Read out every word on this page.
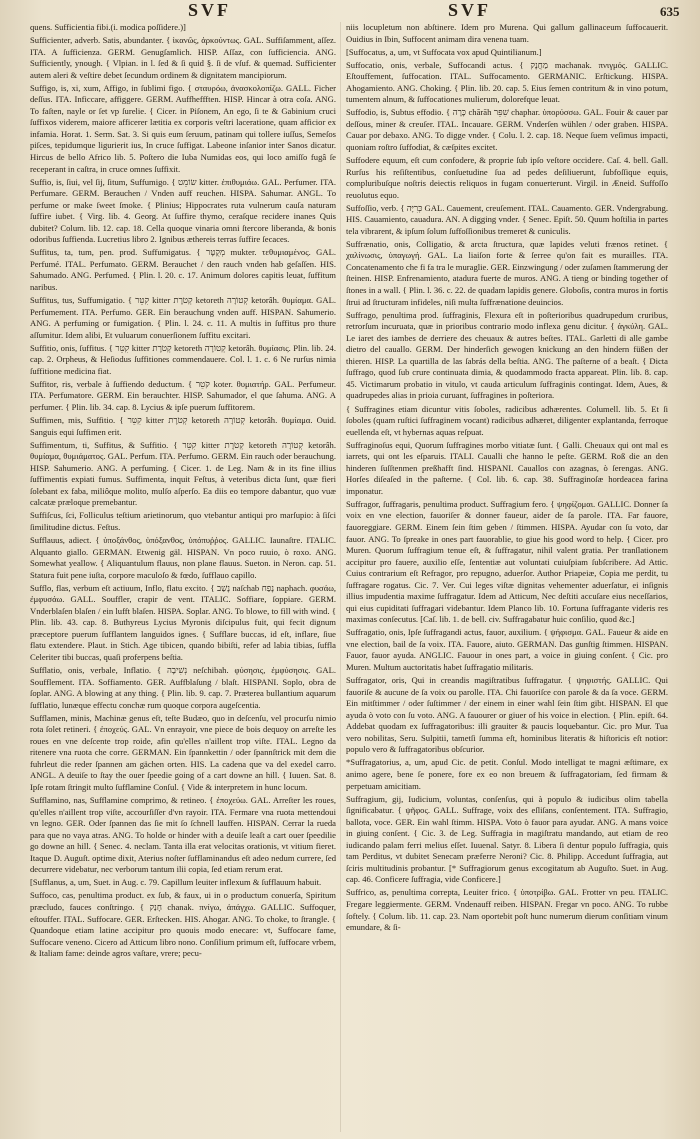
SVF	SVF	635

quens. Sufficientia fibi.(i. modica poſſidere.)]

Sufficienter, adverb. Satis, abundanter. { ἱκανῶς, ἀρκούντως. GAL. Suffiſamment, aſſez. ITA. A ſufficienza. GERM. Genugſamlich. HISP. Aſſaz, con ſufficiencia. ANG. Sufficiently, ynough. { Vlpian. in l. ſed & ſi quid §. ſi de vſuf. & quemad. Sufficienter autem aleri & veſtire debet ſecundum ordinem & dignitatem mancipiorum.

Suffigo, is, xi, xum, Affigo, in ſublimi figo. { σταυρόω, ἀνασκολοπίζω. GALL. Ficher deſſus. ITA. Inficcare, affiggere. GERM. Auffheffften. HISP. Hincar à otra coſa. ANG. To faſten, nayle or ſet vp ſurelie. { Cicer. in Piſonem, An ego, ſi te & Gabinium cruci ſuffixos viderem, maiore afficerer lætitia ex corporis veſtri laceratione, quam afficior ex infamia. Horat. 1. Serm. Sat. 3. Si quis eum ſeruum, patinam qui tollere iuſſus, Semeſos piſces, tepidumque ligurierit ius, In cruce ſuffigat. Labeone inſanior inter Sanos dicatur. Hircus de bello Africo lib. 5. Poſtero die Iuba Numidas eos, qui loco amiſſo fugâ ſe receperant in caſtra, in cruce omnes ſuffixit.

Suffio, is, ſiui, vel ſij, ſitum, Suffumigo. { שׂוֹמֵט kitter. ἐπιθυμιάω. GAL. Perfumer. ITA. Perfumare. GERM. Berauchen / Vnden auff reuchen. HISPA. Sahumar. ANGL. To perfume or make ſweet ſmoke. { Plinius; Hippocrates ruta vulnerum cauſa naturam ſuffire iubet. { Virg. lib. 4. Georg. At ſuffire thymo, ceraſque recidere inanes Quis dubitet? Colum. lib. 12. cap. 18. Cella quoque vinaria omni ſtercore liberanda, & bonis odoribus ſuffienda. Lucretius libro 2. Ignibus æthereis terras ſuffire ſecaces.

Suffitus, ta, tum, pen. prod. Suffumigatus. { מְקֻטָּר mukter. τεθυμιαμένος. GAL. Perfumé. ITAL. Perfumato. GERM. Berauchet / den rauch vnden hab geſaſſen. HIS. Sahumado. ANG. Perfumed. { Plin. l. 20. c. 17. Animum dolores capitis leuat, ſuffitum naribus.

Suffitus, tus, Suffumigatio. { קִטֵּר kitter קְטֹרֶת ketoreth קְטוֹרָה ketorâh. θυμίαμα. GAL. Perfumement. ITA. Perfumo. GER. Ein berauchung vnden auff. HISPAN. Sahumerio. ANG. A perfuming or fumigation. { Plin. l. 24. c. 11. A multis in ſuffitus pro thure aſſumitur. Idem alibi, Et vuluarum conuerſionem ſuffitu excitari.

Suffitio, onis, ſuffitus. { קִטֵּר kitter קְטֹרֶת ketoreth קְטוֹרָה ketorâh. θυμίασις. Plin. lib. 24. cap. 2. Orpheus, & Heſiodus ſuffitiones commendauere. Col. l. 1. c. 6 Ne rurſus nimia ſuffitione medicina fiat.

Suffitor, ris, verbale à ſuffiendo deductum. { קֹטֵר koter. θυμιατήρ. GAL. Perfumeur. ITA. Perfumatore. GERM. Ein berauchter. HISP. Sahumador, el que ſahuma. ANG. A perfumer. { Plin. lib. 34. cap. 8. Lycius & ipſe puerum ſuffitorem.

Suffimen, mis, Suffitio. { קִטֵּר kitter קְטֹרֶת ketoreth קְטוֹרָה ketorâh. θυμίαμα. Ouid. Sanguis equi ſuffimen erit.

Suffimentum, ti, Suffitus, & Suffitio. { קִטֵּר kitter קְטֹרֶת ketoreth קְטוֹרָה ketorâh. θυμίαμα, θυμιάματος. GAL. Perfum. ITA. Perfumo. GERM. Ein rauch oder berauchung. HISP. Sahumerio. ANG. A perfuming. { Cicer. 1. de Leg. Nam & in its fine illius ſuffimentis expiati fumus. Suffimenta, inquit Feſtus, à veteribus dicta ſunt, quæ fieri ſolebant ex faba, miliôque molito, mulſo aſperſo. Ea diis eo tempore dabantur, quo vuæ calcatæ præloque premebantur.

Suffiſcus, ſci, Folliculus teſtium arietinorum, quo vtebantur antiqui pro marſupio: à ſiſci ſimilitudine dictus. Feſtus.

Sufflauus, adiect. { ὑποξάνθος, ὑπόξανθος, ὑπόπυῤῥος. GALLIC. Iaunaſtre. ITALIC. Alquanto giallo. GERMAN. Etwenig gäl. HISPAN. Vn poco ruuio, ò roxo. ANG. Somewhat yeallow. { Aliquantulum flauus, non plane flauus. Sueton. in Neron. cap. 51. Statura fuit pene iuſta, corpore maculoſo & fœdo, ſufflauo capillo.

Sufflo, flas, verbum eſt actiuum, Inflo, flatu excito. { נָשַׁב naſchab נָפַח naphach. φυσάω, ἐμφυσάω. GALL. Souffler, crapir de vent. ITALIC. Soffiare, ſoppiare. GERM. Vnderblaſen blaſen / ein lufft blaſen. HISPA. Soplar. ANG. To blowe, to fill with wind. { Plin. lib. 43. cap. 8. Buthyreus Lycius Myronis diſcipulus fuit, qui fecit dignum præceptore puerum ſufflantem languidos ignes. { Sufflare buccas, id eſt, inflare, ſiue flatu extendere. Plaut. in Stich. Age tibicen, quando bibiſti, refer ad labia tibias, ſuffla Celeriter tibi buccas, quaſi proferpens beſtia.

Sufflatio, onis, verbale, Inflatio. { נְשִׁיבָה neſchibah. φύσησις, ἐμφύσησις. GAL. Soufflement. ITA. Soffiamento. GER. Auffblaſung / blaſt. HISPANI. Soplo, obra de ſoplar. ANG. A blowing at any thing. { Plin. lib. 9. cap. 7. Præterea bullantium aquarum ſufflatio, lunæque effectu conchæ rum quoque corpora augeſcentia.

Sufflamen, minis, Machinæ genus eſt, teſte Budæo, quo in deſcenſu, vel procurſu nimio rota ſolet retineri. { ἐποχεύς. GAL. Vn enrayoir, vne piece de bois dequoy on arreſte les roues en vne deſcente trop roide, afin qu'elles n'aillent trop viſte. ITAL. Legno da ritenere vna ruota che corre. GERMAN. Ein ſpannkettin / oder ſpannſtrick mit dem die fuhrleut die reder ſpannen am gächen orten. HIS. La cadena que va del exedel carro. ANGL. A deuiſe to ſtay the ouer ſpeedie going of a cart downe an hill. { Iuuen. Sat. 8. Ipſe rotam ſtringit multo ſufflamine Conſul. { Vide & interpretem in hunc locum.

Sufflamino, nas, Sufflamine comprimo, & retineo. { ἐποχεύω. GAL. Arreſter les roues, qu'elles n'aillent trop viſte, accourſiſſer d'vn rayoir. ITA. Fermare vna ruota mettendoui vn legno. GER. Oder ſpannen das ſie mit ſo ſchnell lauffen. HISPAN. Cerrar la rueda para que no vaya atras. ANG. To holde or hinder with a deuiſe leaſt a cart ouer ſpeedilie go downe an hill. { Senec. 4. neclam. Tanta illa erat velocitas orationis, vt vitium fieret. Itaque D. Auguſt. optime dixit, Aterius noſter ſufflaminandus eſt adeo nedum currere, ſed decurrere videbatur, nec verborum tantum ilii copia, ſed etiam rerum erat.

[Sufflanus, a, um, Suet. in Aug. c. 79. Capillum leuiter inflexum & ſufflauum habuit.

Suffoco, cas, penultima product. ex ſub, & faux, ui in o productum conuerſa, Spiritum præcludo, fauces conſtringo. { חָנַק chanak. πνίγω, ἀπάγχω. GALLIC. Suffoquer, eſtouffer. ITAL. Suffocare. GER. Erſtecken. HIS. Ahogar. ANG. To choke, to ſtrangle. { Quandoque etiam latine accipitur pro quouis modo enecare: vt, Suffocare fame, Suffocare veneno. Cicero ad Atticum libro nono. Conſilium primum eſt, ſuffocare vrbem, & Italiam fame: deinde agros vaſtare, vrere; pecu-

niis locupletum non abſtinere. Idem pro Murena. Qui gallum gallinaceum ſuffocauerit. Ouidius in Ibin, Suffocent animam dira venena tuam.

[Suffocatus, a, um, vt Suffocata vox apud Quintilianum.]

Suffocatio, onis, verbale, Suffocandi actus. { מַחֲנָק machanak. πνιγμός. GALLIC. Eſtouffement, ſuffocation. ITAL. Suffocamento. GERMANIC. Erſtickung. HISPA. Ahogamiento. ANG. Choking. { Plin. lib. 20. cap. 5. Eius ſemen contritum & in vino potum, tumentem alnum, & ſuffocationes mulierum, dolorefque leuat.

Suffodio, is, Subtus effodio. { כָּרָה chārāh שִׁפֵּר chaphar. ὑπορύσσω. GAL. Fouir & cauer par deſſous, miner & creuſer. ITAL. Incauare. GERM. Vnderſen wühlen / oder graben. HISPA. Cauar por debaxo. ANG. To digge vnder. { Colu. l. 2. cap. 18. Neque ſuem veſimus impacti, quoniam roſtro ſuffodiat, & cæſpites excitet.

Suffodere equum, eſt cum confodere, & proprie ſub ipſo veſtore occidere. Caſ. 4. bell. Gall. Rurſus his reſiſtentibus, conſuetudine ſua ad pedes deſiliuerunt, ſubfoſſique equis, compluribuſque noſtris deiectis reliquos in fugam conuerterunt. Virgil. in Æneid. Suffoſſo reuolutus equo.

Suffoſſio, verb. { כְּרִיָּה GAL. Cauement, creuſement. ITAL. Cauamento. GER. Vndergrabung. HIS. Cauamiento, cauadura. AN. A digging vnder. { Senec. Epiſt. 50. Quum hoſtilia in partes tela vibrarent, & ipſum ſolum ſuffoſſionibus tremeret & cuniculis.

Suffrænatio, onis, Colligatio, & arcta ſtructura, quæ lapides veluti frænos retinet. { χαλίνωσις, ὑπαγωγή. GAL. La liaiſon forte & ſerree qu'on fait es murailles. ITA. Concatenamento che fi fa tra le muraglie. GER. Einzwingung / oder zuſamen ſtammerung der ſteinen. HISP. Enfrenamiento, atadura fuerte de muros. ANG. A tieng or binding together of ſtones in a wall. { Plin. l. 36. c. 22. de quadam lapidis genere. Globoſis, contra muros in fortis ſtrui ad ſtructuram infideles, niſi multa ſuffrænatione deuincios.

Suffrago, penultima prod. ſuffraginis, Flexura eſt in poſterioribus quadrupedum cruribus, retrorſum incuruata, quæ in prioribus contrario modo inflexa genu dicitur. { ἀγκύλη. GAL. Le iaret des iambes de derriere des cheuaux & autres beſtes. ITAL. Garletti di alle gambe dietro del cauallo. GERM. Der hinderſich gewogen knickung an den hindern füßen der thieren. HISP. La quartilla de las ſabrás della beſtia. ANG. The paſterne of a beaſt. { Dicta ſuffrago, quod ſub crure continuata dimia, & quodammodo fracta appareat. Plin. lib. 8. cap. 45. Victimarum probatio in vitulo, vt cauda articulum ſuffraginis contingat. Idem, Aues, & quadrupedes alias in prioia curuant, ſuffragines in poſteriora.

{ Suffragines etiam dicuntur vitis ſoboles, radicibus adhærentes. Columell. lib. 5. Et ſi ſoboles (quam ruſtici ſuffraginem vocant) radicibus adhæret, diligenter explantanda, ferroque euellenda eſt, vt hybernas aquas reſpuat.

Suffraginoſus equi, Quorum ſuffragines morbo vitiatæ ſunt. { Galli. Cheuaux qui ont mal es iarrets, qui ont les eſparuis. ITALI. Caualli che hanno le peſte. GERM. Roß die an den hinderen ſuſſtenmen preßhafft ſind. HISPANI. Cauallos con azagnas, ò ſerengas. ANG. Horſes diſeaſed in the paſterne. { Col. lib. 6. cap. 38. Suffraginoſæ hordeacea farina imponatur.

Suffragor, ſuffragaris, penultima product. Suffragium fero. { ψηφίζομαι. GALLIC. Donner ſa voix en vne election, fauoriſer & donner faueur, aider de ſa parole. ITA. Far fauore, fauoreggiare. GERM. Einem ſein ſtim geben / ſtimmen. HISPA. Ayudar con ſu voto, dar fauor. ANG. To ſpreake in ones part fauorablie, to giue his good word to help. { Cicer. pro Muren. Quorum ſuffragium tenue eſt, & ſuffragatur, nihil valent gratia. Per tranſlationem accipitur pro fauere, auxilio eſſe, ſententiæ aut voluntati cuiuſpiam ſubſcribere. Ad Attic. Cuius contrarium eſt Refragor, pro repugno, aduerſor. Author Priapeiæ, Copia me perdit, tu ſuffragare rogatus. Cic. 7. Ver. Cui leges viſtæ dignitas vehementer aduerſatur, ei inſignis illius impudentia maxime ſuffragatur. Idem ad Atticum, Nec deſtiti accuſare eius neceſſarios, qui eius cupiditati ſuffragari videbantur. Idem Planco lib. 10. Fortuna ſuffragante videris res maximas conſecutus. [Caſ. lib. 1. de bell. civ. Suffragabatur huic conſilio, quod &c.]

Suffragatio, onis, Ipſe ſuffragandi actus, fauor, auxilium. { ψήφισμα. GAL. Faueur & aide en vne election, bail de ſa voix. ITA. Fauore, aiuto. GERMAN. Das gunſtig ſtimmen. HISPAN. Fauor, fauor ayuda. ANGLIC. Fauour in ones part, a voice in giuing conſent. { Cic. pro Muren. Multum auctoritatis habet ſuffragatio militaris.

Suffragator, oris, Qui in creandis magiſtratibus ſuffragatur. { ψηφιστής. GALLIC. Qui fauoriſe & aucune de ſa voix ou parolle. ITA. Chi fauoriſce con parole & da ſa voce. GERM. Ein mitſtimmer / oder ſuſtimmer / der einem in einer wahl ſein ſtim gibt. HISPAN. El que ayuda ò voto con ſu voto. ANG. A fauourer or giuer of his voice in election. { Plin. epiſt. 64. Addebat quodam ex ſuffragatoribus: illi grauiter & paucis loquebantur. Cic. pro Mur. Tua vero nobilitas, Seru. Sulpitii, tametſi ſumma eſt, hominibus literatis & hiſtoricis eſt notior: populo vero & ſuffragatoribus obſcurior.

*Suffragatorius, a, um, apud Cic. de petit. Conſul. Modo intelligat te magni æſtimare, ex animo agere, bene ſe ponere, fore ex eo non breuem & ſuffragatoriam, ſed firmam & perpetuam amicitiam.

Suffragium, gij, Iudicium, voluntas, conſenſus, qui à populo & iudicibus olim tabella ſignificabatur. { ψῆφος. GALL. Suffrage, voix des eſliſans, conſentement. ITA. Suffragio, ballota, voce. GER. Ein wahl ſtimm. HISPA. Voto ò fauor para ayudar. ANG. A mans voice in giuing conſent. { Cic. 3. de Leg. Suffragia in magiſtratu mandando, aut etiam de reo iudicando palam ferri melius eſſet. Iuuenal. Satyr. 8. Libera ſi dentur populo ſuffragia, quis tam Perditus, vt dubitet Senecam præferre Neroni? Cic. 8. Philipp. Accedunt ſuffragia, aut ſciris multitudinis probantur. [* Suffragiorum genus excogitatum ab Auguſto. Suet. in Aug. cap. 46. Conficere ſuffragia, vide Conficere.]

Suffrico, as, penultima correpta, Leuiter frico. { ὑποτρίβω. GAL. Frotter vn peu. ITALIC. Fregare leggiermente. GERM. Vndenauff reiben. HISPAN. Fregar vn poco. ANG. To rubbe ſoftely. { Colum. lib. 11. cap. 23. Nam oportebit poſt hunc numerum dierum conſitiam vinum emundare, & ſi-
